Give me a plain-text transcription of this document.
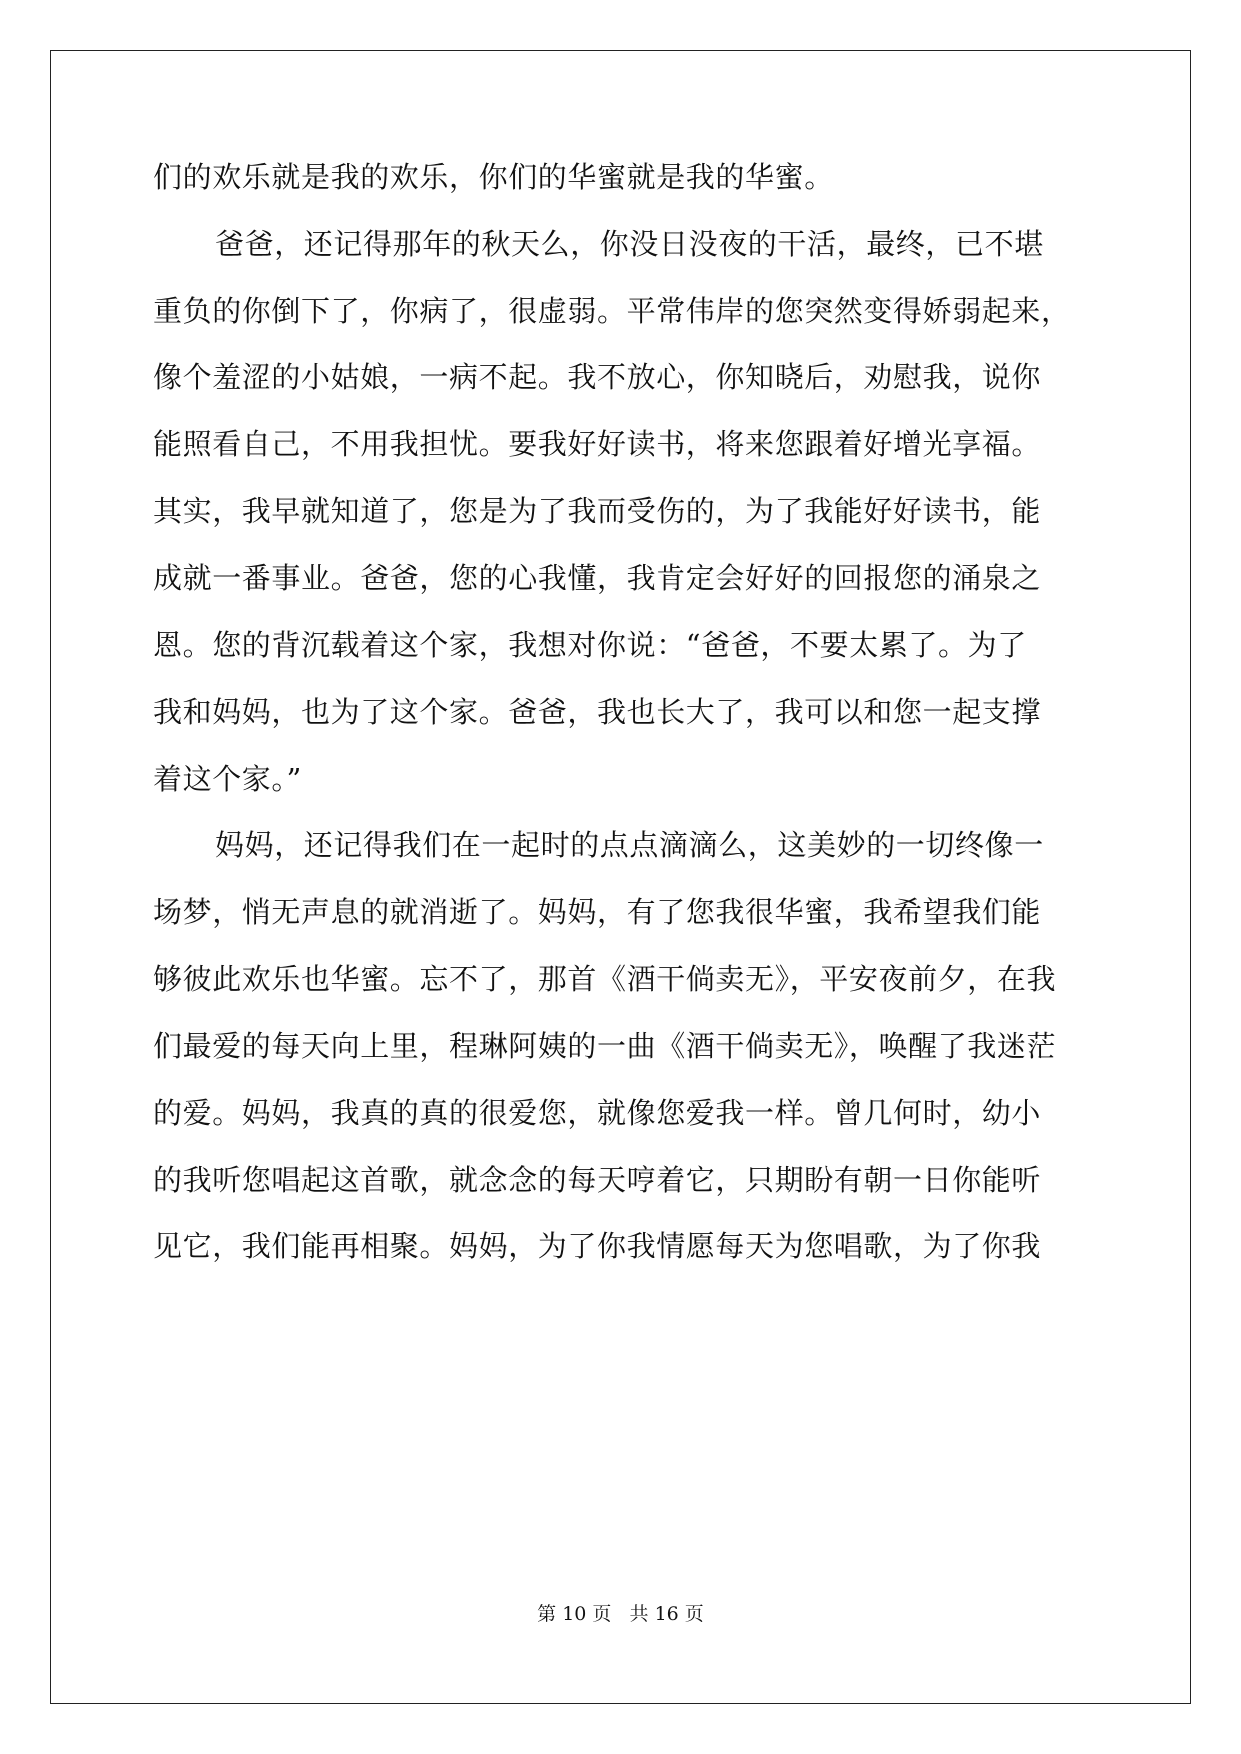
们的欢乐就是我的欢乐，你们的华蜜就是我的华蜜。
爸爸，还记得那年的秋天么，你没日没夜的干活，最终，已不堪
重负的你倒下了，你病了，很虚弱。平常伟岸的您突然变得娇弱起来，
像个羞涩的小姑娘，一病不起。我不放心，你知晓后，劝慰我，说你
能照看自己，不用我担忧。要我好好读书，将来您跟着好增光享福。
其实，我早就知道了，您是为了我而受伤的，为了我能好好读书，能
成就一番事业。爸爸，您的心我懂，我肯定会好好的回报您的涌泉之
恩。您的背沉载着这个家，我想对你说：“爸爸，不要太累了。为了
我和妈妈，也为了这个家。爸爸，我也长大了，我可以和您一起支撑
着这个家。”
妈妈，还记得我们在一起时的点点滴滴么，这美妙的一切终像一
场梦，悄无声息的就消逝了。妈妈，有了您我很华蜜，我希望我们能
够彼此欢乐也华蜜。忘不了，那首《酒干倘卖无》，平安夜前夕，在我
们最爱的每天向上里，程琳阿姨的一曲《酒干倘卖无》，唤醒了我迷茫
的爱。妈妈，我真的真的很爱您，就像您爱我一样。曾几何时，幼小
的我听您唱起这首歌，就念念的每天哼着它，只期盼有朝一日你能听
见它，我们能再相聚。妈妈，为了你我情愿每天为您唱歌，为了你我
第 10 页   共 16 页
